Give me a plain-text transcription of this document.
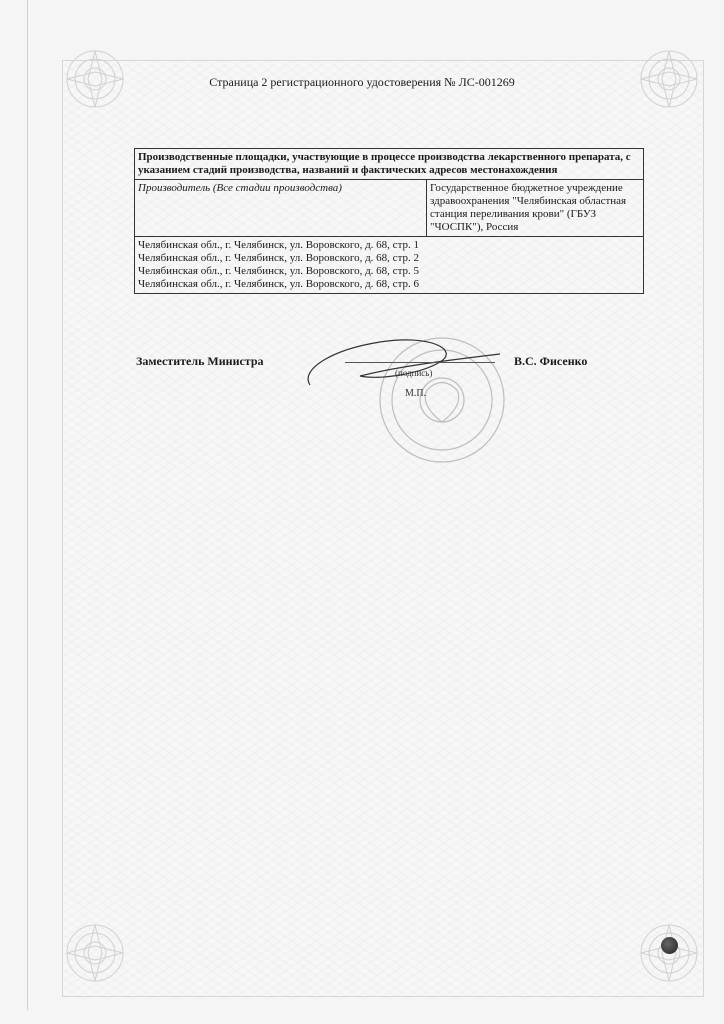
Страница 2 регистрационного удостоверения № ЛС-001269
Производственные площадки, участвующие в процессе производства лекарственного препарата, с указанием стадий производства, названий и фактических адресов местонахождения
Производитель (Все стадии производства)	Государственное бюджетное учреждение здравоохранения "Челябинская областная станция переливания крови" (ГБУЗ "ЧОСПК"), Россия

Челябинская обл., г. Челябинск, ул. Воровского, д. 68, стр. 1
Челябинская обл., г. Челябинск, ул. Воровского, д. 68, стр. 2
Челябинская обл., г. Челябинск, ул. Воровского, д. 68, стр. 5
Челябинская обл., г. Челябинск, ул. Воровского, д. 68, стр. 6
Заместитель Министра
(подпись)
М.П.
В.С. Фисенко
